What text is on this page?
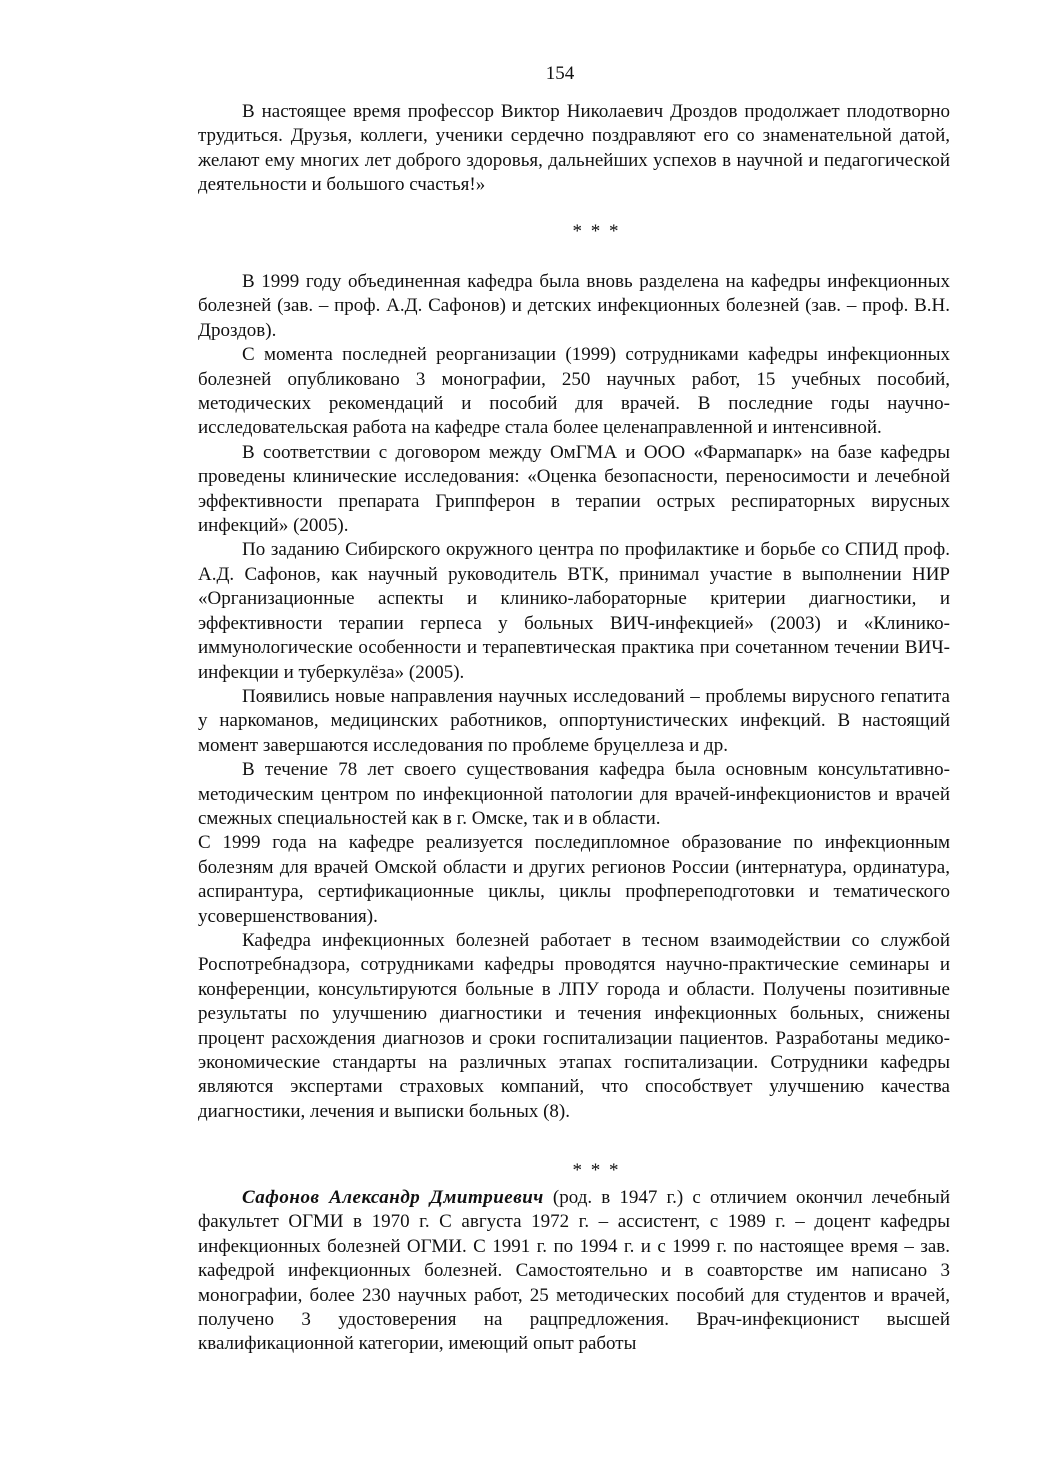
154

В настоящее время профессор Виктор Николаевич Дроздов продолжает плодотворно трудиться. Друзья, коллеги, ученики сердечно поздравляют его со знаменательной датой, желают ему многих лет доброго здоровья, дальнейших успехов в научной и педагогической деятельности и большого счастья!»

* * *

В 1999 году объединенная кафедра была вновь разделена на кафедры инфекционных болезней (зав. – проф. А.Д. Сафонов) и детских инфекционных болезней (зав. – проф. В.Н. Дроздов).

С момента последней реорганизации (1999) сотрудниками кафедры инфекционных болезней опубликовано 3 монографии, 250 научных работ, 15 учебных пособий, методических рекомендаций и пособий для врачей. В последние годы научно-исследовательская работа на кафедре стала более целенаправленной и интенсивной.

В соответствии с договором между ОмГМА и ООО «Фармапарк» на базе кафедры проведены клинические исследования: «Оценка безопасности, переносимости и лечебной эффективности препарата Гриппферон в терапии острых респираторных вирусных инфекций» (2005).

По заданию Сибирского окружного центра по профилактике и борьбе со СПИД проф. А.Д. Сафонов, как научный руководитель ВТК, принимал участие в выполнении НИР «Организационные аспекты и клинико-лабораторные критерии диагностики, и эффективности терапии герпеса у больных ВИЧ-инфекцией» (2003) и «Клинико-иммунологические особенности и терапевтическая практика при сочетанном течении ВИЧ-инфекции и туберкулёза» (2005).

Появились новые направления научных исследований – проблемы вирусного гепатита у наркоманов, медицинских работников, оппортунистических инфекций. В настоящий момент завершаются исследования по проблеме бруцеллеза и др.

В течение 78 лет своего существования кафедра была основным консультативно-методическим центром по инфекционной патологии для врачей-инфекционистов и врачей смежных специальностей как в г. Омске, так и в области.

С 1999 года на кафедре реализуется последипломное образование по инфекционным болезням для врачей Омской области и других регионов России (интернатура, ординатура, аспирантура, сертификационные циклы, циклы профпереподготовки и тематического усовершенствования).

Кафедра инфекционных болезней работает в тесном взаимодействии со службой Роспотребнадзора, сотрудниками кафедры проводятся научно-практические семинары и конференции, консультируются больные в ЛПУ города и области. Получены позитивные результаты по улучшению диагностики и течения инфекционных больных, снижены процент расхождения диагнозов и сроки госпитализации пациентов. Разработаны медико-экономические стандарты на различных этапах госпитализации. Сотрудники кафедры являются экспертами страховых компаний, что способствует улучшению качества диагностики, лечения и выписки больных (8).

* * *

Сафонов Александр Дмитриевич (род. в 1947 г.) с отличием окончил лечебный факультет ОГМИ в 1970 г. С августа 1972 г. – ассистент, с 1989 г. – доцент кафедры инфекционных болезней ОГМИ. С 1991 г. по 1994 г. и с 1999 г. по настоящее время – зав. кафедрой инфекционных болезней. Самостоятельно и в соавторстве им написано 3 монографии, более 230 научных работ, 25 методических пособий для студентов и врачей, получено 3 удостоверения на рацпредложения. Врач-инфекционист высшей квалификационной категории, имеющий опыт работы
